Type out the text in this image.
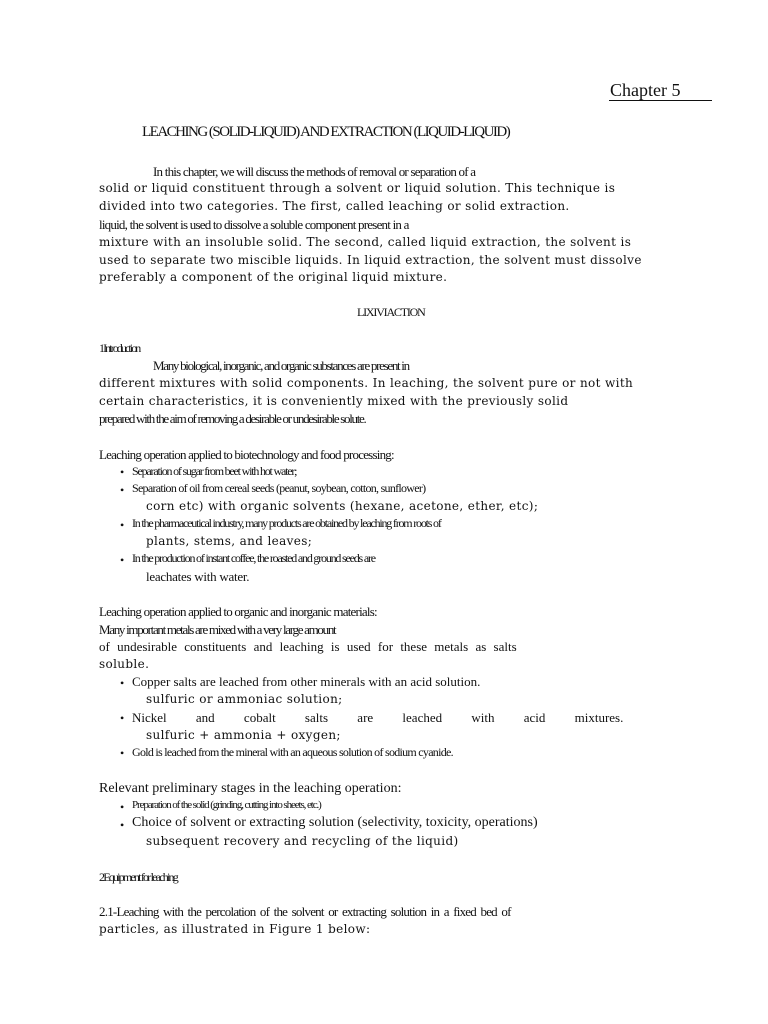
Chapter 5
LEACHING (SOLID-LIQUID) AND EXTRACTION (LIQUID-LIQUID)
In this chapter, we will discuss the methods of removal or separation of a
solid or liquid constituent through a solvent or liquid solution. This technique is
divided into two categories. The first, called leaching or solid extraction.
liquid, the solvent is used to dissolve a soluble component present in a
mixture with an insoluble solid. The second, called liquid extraction, the solvent is
used to separate two miscible liquids. In liquid extraction, the solvent must dissolve
preferably a component of the original liquid mixture.
LIXIVIACTION
1Introduction
Many biological, inorganic, and organic substances are present in
different mixtures with solid components. In leaching, the solvent pure or not with
certain characteristics, it is conveniently mixed with the previously solid
prepared with the aim of removing a desirable or undesirable solute.
Leaching operation applied to biotechnology and food processing:
• Separation of sugar from beet with hot water;
• Separation of oil from cereal seeds (peanut, soybean, cotton, sunflower)
corn etc) with organic solvents (hexane, acetone, ether, etc);
• In the pharmaceutical industry, many products are obtained by leaching from roots of
plants, stems, and leaves;
• In the production of instant coffee, the roasted and ground seeds are
leachates with water.
Leaching operation applied to organic and inorganic materials:
Many important metals are mixed with a very large amount
of undesirable constituents and leaching is used for these metals as salts
soluble.
• Copper salts are leached from other minerals with an acid solution.
sulfuric or ammoniac solution;
• Nickel and cobalt salts are leached with acid mixtures.
sulfuric + ammonia + oxygen;
• Gold is leached from the mineral with an aqueous solution of sodium cyanide.
Relevant preliminary stages in the leaching operation:
• Preparation of the solid (grinding, cutting into sheets, etc.)
• Choice of solvent or extracting solution (selectivity, toxicity, operations)
subsequent recovery and recycling of the liquid)
2Equipment for leaching
2.1-Leaching with the percolation of the solvent or extracting solution in a fixed bed of
particles, as illustrated in Figure 1 below:
